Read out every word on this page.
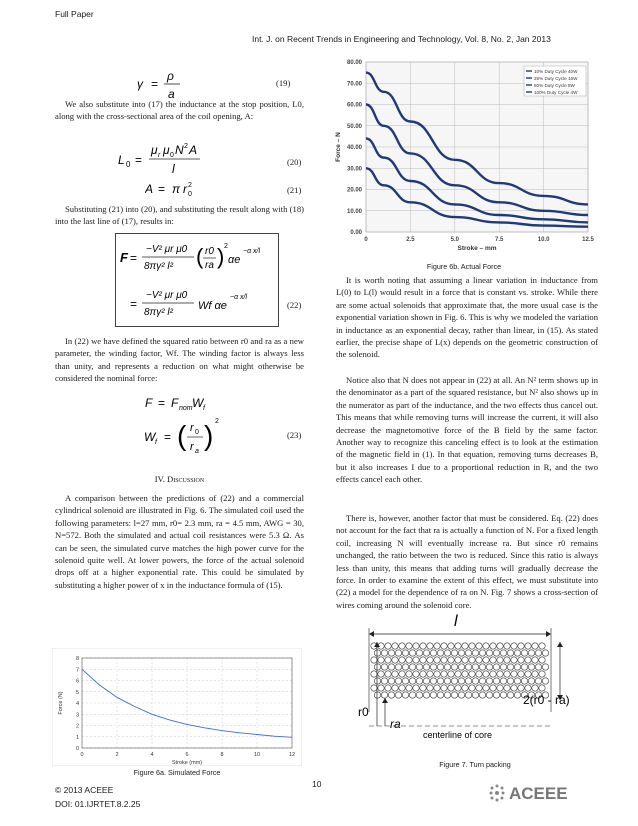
Full Paper
Int. J. on Recent Trends in Engineering and Technology, Vol. 8, No. 2, Jan 2013
γ =
ρ
a
(19)
We also substitute into (17) the inductance at the stop position, L0, along with the cross-sectional area of the coil opening, A:
L 0 =
μ r μ 0 N 2 A
l	(20)
A = π r 2
0	(21)
Substituting (21) into (20), and substituting the result along with (18) into the last line of (17), results in:
F =
−V² μr μ0
8πγ² l² ( r0
ra ) 2
αe
−α x/l
=
−V² μr μ0
8πγ² l²
Wf αe
−α x/l
(22)
In (22) we have defined the squared ratio between r0 and ra as a new parameter, the winding factor, Wf. The winding factor is always less than unity, and represents a reduction on what might otherwise be considered the nominal force:
F = F nom W f
W f = ( r 0
r a
) 2
(23)
IV. Discussion
A comparison between the predictions of (22) and a commercial cylindrical solenoid are illustrated in Fig. 6. The simulated coil used the following parameters: l=27 mm, r0= 2.3 mm, ra = 4.5 mm, AWG = 30, N=572. Both the simulated and actual coil resistances were 5.3 Ω. As can be seen, the simulated curve matches the high power curve for the solenoid quite well. At lower powers, the force of the actual solenoid drops off at a higher exponential rate. This could be simulated by substituting a higher power of x in the inductance formula of (15).
0	2	4	6	8	10	12
0
1
2
3
4
5
6
7
8
Stroke (mm)
Force (N)
Figure 6a. Simulated Force
© 2013 ACEEE
DOI: 01.IJRTET.8.2.25
10	ACEEE
0	2.5	5.0	7.5	10.0	12.5
0.00
10.00
20.00
30.00
40.00
50.00
60.00
70.00
80.00
10% Duty Cycle 40W
25% Duty Cycle 16W
50% Duty Cycle 8W
100% Duty Cycle 4W
Stroke – mm
Force – N
Figure 6b. Actual Force
It is worth noting that assuming a linear variation in inductance from L(0) to L(l) would result in a force that is constant vs. stroke. While there are some actual solenoids that approximate that, the more usual case is the exponential variation shown in Fig. 6. This is why we modeled the variation in inductance as an exponential decay, rather than linear, in (15). As stated earlier, the precise shape of L(x) depends on the geometric construction of the solenoid.
Notice also that N does not appear in (22) at all. An N² term shows up in the denominator as a part of the squared resistance, but N² also shows up in the numerator as part of the inductance, and the two effects thus cancel out. This means that while removing turns will increase the current, it will also decrease the magnetomotive force of the B field by the same factor. Another way to recognize this canceling effect is to look at the estimation of the magnetic field in (1). In that equation, removing turns decreases B, but it also increases I due to a proportional reduction in R, and the two effects cancel each other.
There is, however, another factor that must be considered. Eq. (22) does not account for the fact that ra is actually a function of N. For a fixed length coil, increasing N will eventually increase ra. But since r0 remains unchanged, the ratio between the two is reduced. Since this ratio is always less than unity, this means that adding turns will gradually decrease the force. In order to examine the extent of this effect, we must substitute into (22) a model for the dependence of ra on N. Fig. 7 shows a cross-section of wires coming around the solenoid core.
l
r0
ra
centerline of core
2(r0 - ra)
Figure 7. Turn packing
